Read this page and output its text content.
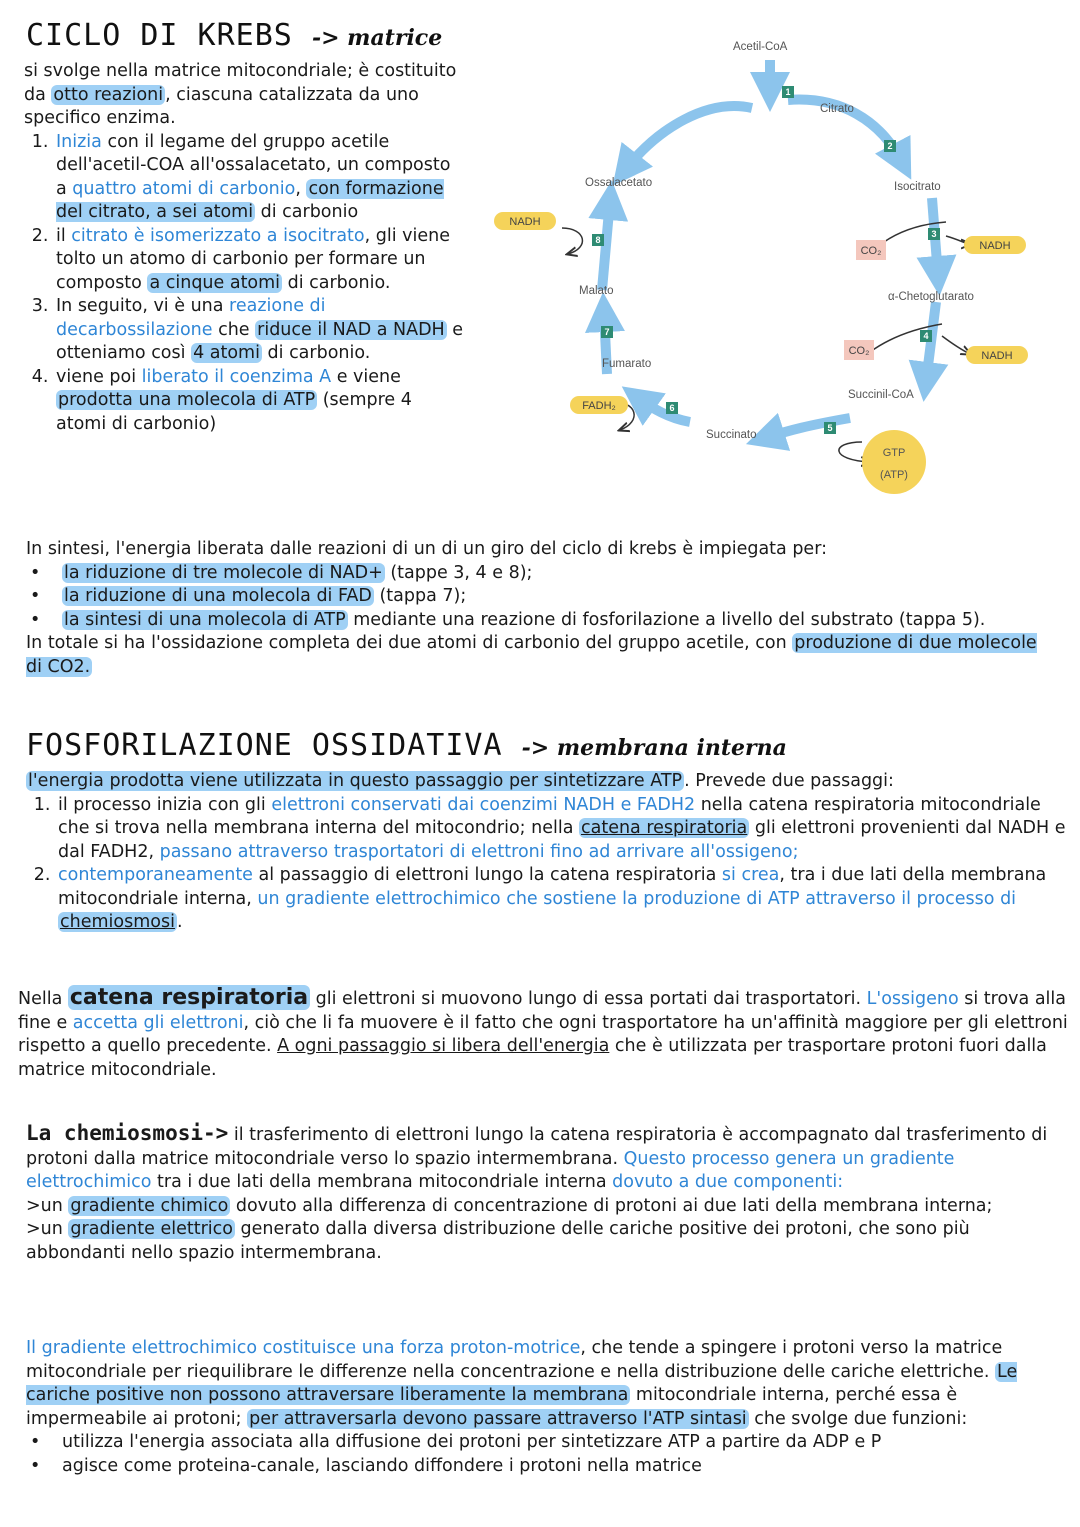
CICLO DI KREBS -> matrice
si svolge nella matrice mitocondriale; è costituito da otto reazioni , ciascuna catalizzata da uno specifico enzima.
1. Inizia con il legame del gruppo acetile dell'acetil-COA all'ossalacetato, un composto a quattro atomi di carbonio, con formazione del citrato, a sei atomi di carbonio
2. il citrato è isomerizzato a isocitrato, gli viene tolto un atomo di carbonio per formare un composto a cinque atomi di carbonio.
3. In seguito, vi è una reazione di decarbossilazione che riduce il NAD a NADH e otteniamo così 4 atomi di carbonio.
4. viene poi liberato il coenzima A e viene prodotta una molecola di ATP (sempre 4 atomi di carbonio)
Acetil-CoA
Citrato
Isocitrato
α-Chetoglutarato
Succinil-CoA
Succinato
Fumarato
Malato
Ossalacetato
NADH
NADH
NADH
CO₂
CO₂
FADH₂
GTP
(ATP)
1
2
3
4
5
6
7
8
In sintesi, l'energia liberata dalle reazioni di un di un giro del ciclo di krebs è impiegata per:
• la riduzione di tre molecole di NAD+ (tappe 3, 4 e 8);
• la riduzione di una molecola di FAD (tappa 7);
• la sintesi di una molecola di ATP mediante una reazione di fosforilazione a livello del substrato (tappa 5).
In totale si ha l'ossidazione completa dei due atomi di carbonio del gruppo acetile, con produzione di due molecole di CO2.
FOSFORILAZIONE OSSIDATIVA -> membrana interna
l'energia prodotta viene utilizzata in questo passaggio per sintetizzare ATP . Prevede due passaggi:
1. il processo inizia con gli elettroni conservati dai coenzimi NADH e FADH2 nella catena respiratoria mitocondriale che si trova nella membrana interna del mitocondrio; nella catena respiratoria gli elettroni provenienti dal NADH e dal FADH2, passano attraverso trasportatori di elettroni fino ad arrivare all'ossigeno;
2. contemporaneamente al passaggio di elettroni lungo la catena respiratoria si crea, tra i due lati della membrana mitocondriale interna, un gradiente elettrochimico che sostiene la produzione di ATP attraverso il processo di chemiosmosi .
Nella catena respiratoria gli elettroni si muovono lungo di essa portati dai trasportatori. L'ossigeno si trova alla fine e accetta gli elettroni, ciò che li fa muovere è il fatto che ogni trasportatore ha un'affinità maggiore per gli elettroni rispetto a quello precedente. A ogni passaggio si libera dell'energia che è utilizzata per trasportare protoni fuori dalla matrice mitocondriale.
La chemiosmosi-> il trasferimento di elettroni lungo la catena respiratoria è accompagnato dal trasferimento di protoni dalla matrice mitocondriale verso lo spazio intermembrana. Questo processo genera un gradiente elettrochimico tra i due lati della membrana mitocondriale interna dovuto a due componenti:
>un gradiente chimico dovuto alla differenza di concentrazione di protoni ai due lati della membrana interna;
>un gradiente elettrico generato dalla diversa distribuzione delle cariche positive dei protoni, che sono più abbondanti nello spazio intermembrana.
Il gradiente elettrochimico costituisce una forza proton-motrice, che tende a spingere i protoni verso la matrice mitocondriale per riequilibrare le differenze nella concentrazione e nella distribuzione delle cariche elettriche. Le cariche positive non possono attraversare liberamente la membrana mitocondriale interna, perché essa è impermeabile ai protoni; per attraversarla devono passare attraverso l'ATP sintasi che svolge due funzioni:
• utilizza l'energia associata alla diffusione dei protoni per sintetizzare ATP a partire da ADP e P
• agisce come proteina-canale, lasciando diffondere i protoni nella matrice
